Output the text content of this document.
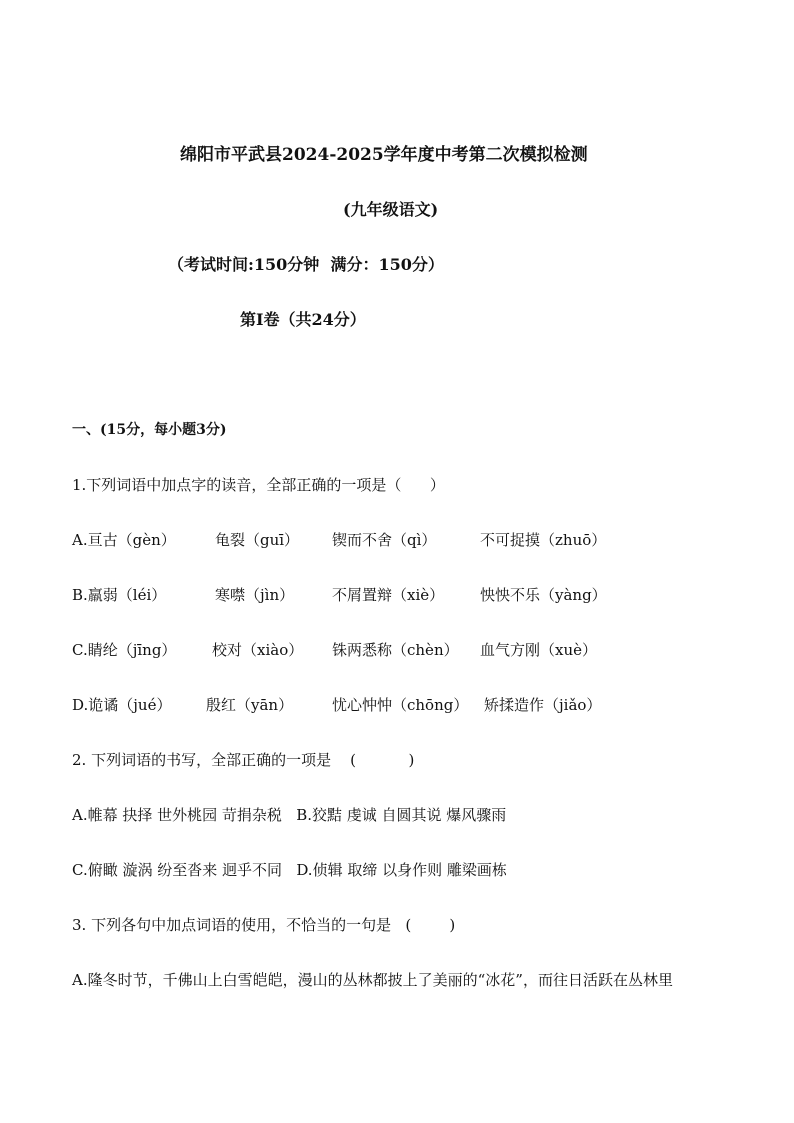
绵阳市平武县2024-2025学年度中考第二次模拟检测
(九年级语文)
（考试时间:150分钟  满分：150分）
第Ⅰ卷（共24分）
一、(15分，每小题3分)
1.下列词语中加点字的读音，全部正确的一项是（      ）
A.亘古（gèn）	龟裂（guī） 锲而不舍（qì）	不可捉摸（zhuō）
B.羸弱（léi）	寒噤（jìn）	不屑置辩（xiè） 怏怏不乐（yàng）
C.睛纶（jīng） 校对（xiào） 铢两悉称（chèn） 血气方刚（xuè）
D.诡谲（jué） 殷红（yān）	忧心忡忡（chōng） 矫揉造作（jiǎo）
2. 下列词语的书写，全部正确的一项是    (           )
A.帷幕 抉择 世外桃园 苛捐杂税   B.狡黠 虔诚 自圆其说 爆风骤雨
C.俯瞰 漩涡 纷至沓来 迥乎不同   D.侦辑 取缔 以身作则 雕梁画栋
3. 下列各句中加点词语的使用，不恰当的一句是   (        )
A.隆冬时节，千佛山上白雪皑皑，漫山的丛林都披上了美丽的“冰花”，而往日活跃在丛林里
